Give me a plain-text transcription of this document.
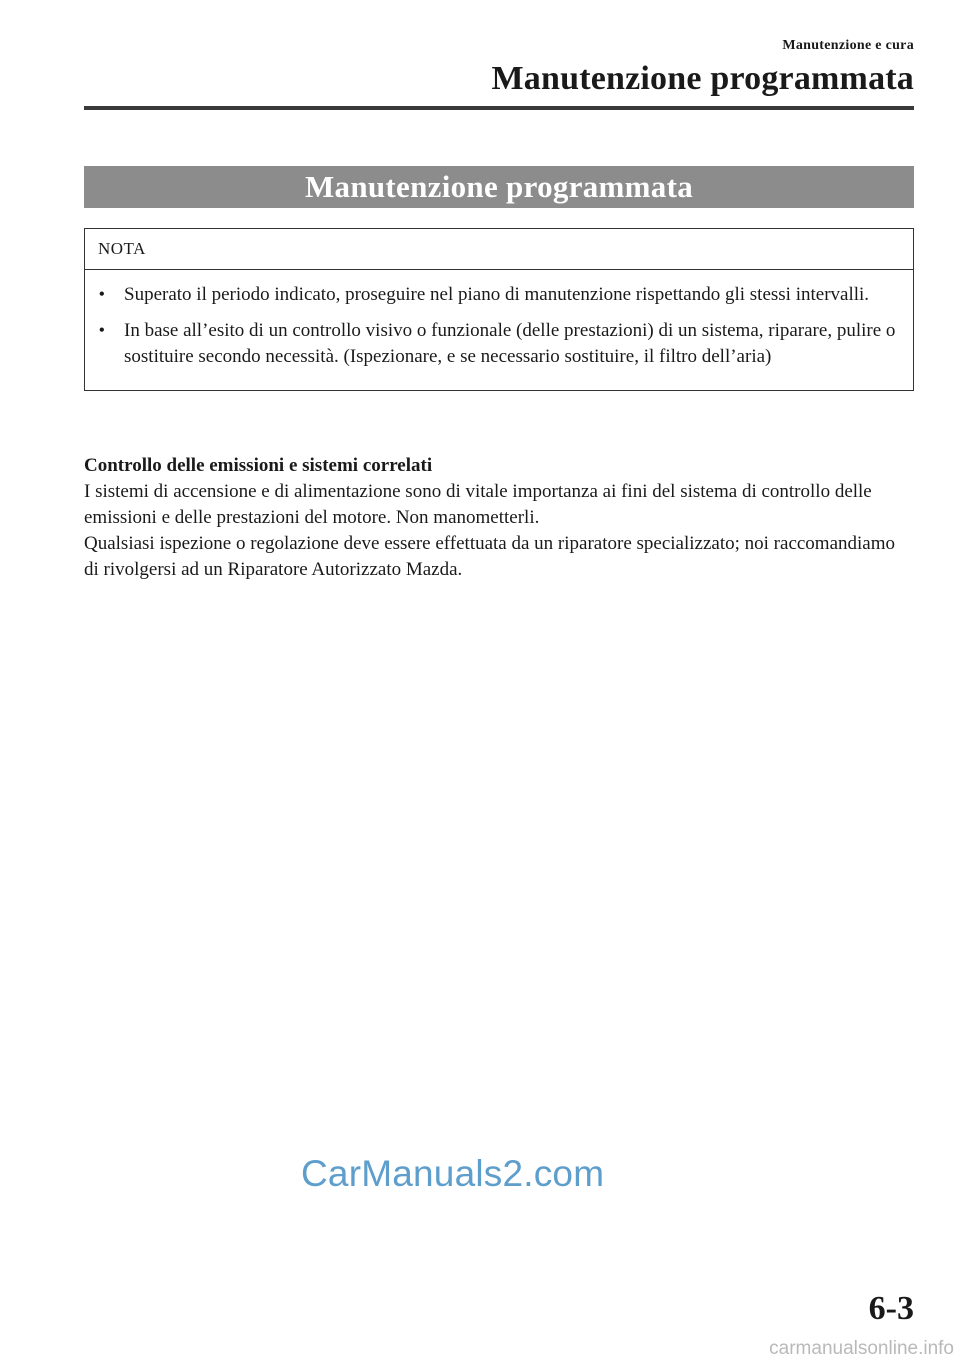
Manutenzione e cura
Manutenzione programmata
Manutenzione programmata
NOTA
•	Superato il periodo indicato, proseguire nel piano di manutenzione rispettando gli stessi intervalli.
•	In base all’esito di un controllo visivo o funzionale (delle prestazioni) di un sistema, riparare, pulire o sostituire secondo necessità. (Ispezionare, e se necessario sostituire, il filtro dell’aria)
Controllo delle emissioni e sistemi correlati

I sistemi di accensione e di alimentazione sono di vitale importanza ai fini del sistema di controllo delle emissioni e delle prestazioni del motore. Non manometterli.

Qualsiasi ispezione o regolazione deve essere effettuata da un riparatore specializzato; noi raccomandiamo di rivolgersi ad un Riparatore Autorizzato Mazda.

CarManuals2.com
6-3
carmanualsonline.info
